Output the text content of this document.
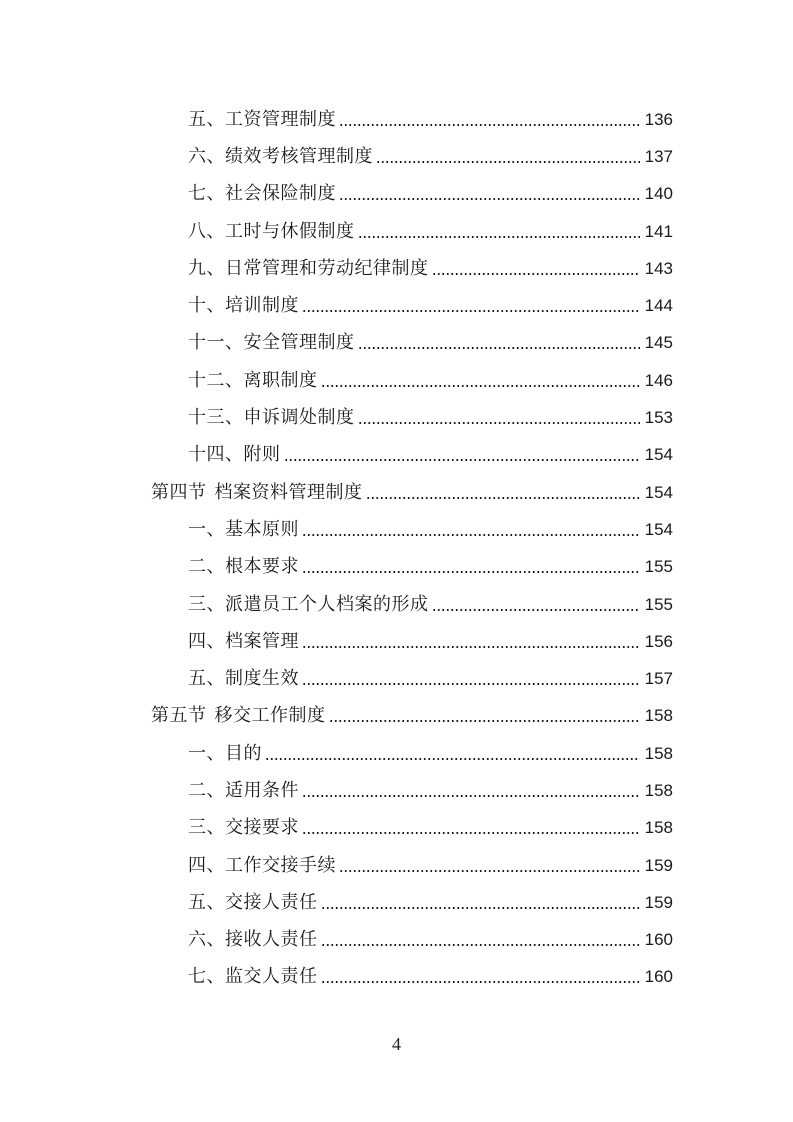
五、工资管理制度	136
六、绩效考核管理制度	137
七、社会保险制度	140
八、工时与休假制度	141
九、日常管理和劳动纪律制度	143
十、培训制度	144
十一、安全管理制度	145
十二、离职制度	146
十三、申诉调处制度	153
十四、附则	154
第四节 档案资料管理制度	154
一、基本原则	154
二、根本要求	155
三、派遣员工个人档案的形成	155
四、档案管理	156
五、制度生效	157
第五节 移交工作制度	158
一、目的	158
二、适用条件	158
三、交接要求	158
四、工作交接手续	159
五、交接人责任	159
六、接收人责任	160
七、监交人责任	160
4
